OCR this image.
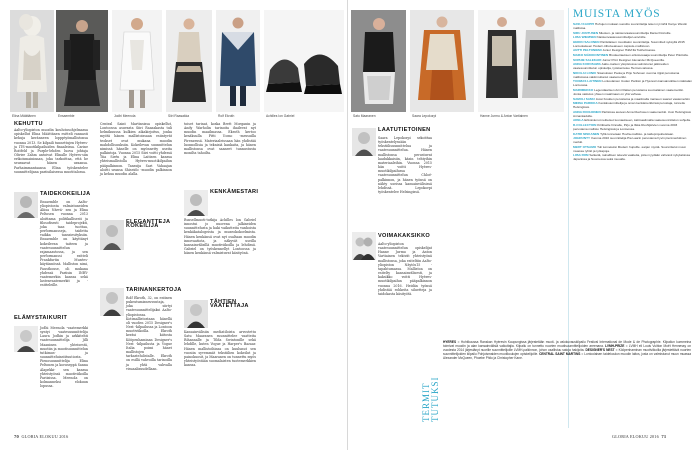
Elina Määttänen	Ensaemble	Jodhi Meenola	Siiri Raasakka	Rolf Ekroth	Achilles Ion Gabriel	Satu Maaranen	Saara Lepokorpi	Hanne Jurmu & Anton Vartiainen
KEHUTTU

Aalto-yliopiston muodin koulutusohjelmassa opiskellut Elina Määttänen esitteli rannasti kehuja keränneen loppptyömallistonsa vuonna 2013. Se kilpaili tunnettujen Hyères- ja ITS-muotikilpailuiden finaaleissa. Carine Roitfeld ja Purple-lehden luova johtaja Olivier Zahm antoivat Elinalle Hyères-siin erikoismaininnan, joka tarkoittaa, että he seuraavat hänen uraansa. Parhaimmantaansa Elina työskentelee suunnittelijana pariisilaisessa muotitalossa.

TAIDEKOKEILIJA

Ensaemble on Aalto-yliopistosta valmistuneiden Aliisa Närvä- sen ja Elina Peltosen vuonna 2013 aloittama politikallisesti ja filosofisesti taideprojekti, joka taas tuottaa, performansseja, taidetta vaikka tanssiesityksiin. Ensaemble on käyttänyt kokeilevan taiteen ja vaatesuunnittelun rajamaastossa, ja sen performanssi esitteli Frankfurtin Musées-käytännössä. Malliston nimi, Fausthouse, oli mukana yhdessä Pariisin INRY-vaatemerkin kanssa sekä lastenvaatemerkit ja -esitteleille.

ELÄMYSTAIKURIT

Jodhi Meenola -vaatemerkki syntyi vaatesuunnittelija Laura Jodhin ja arkkitehti vaatesuunnittelija Jilli Maaninen yhteisestä, muotiin ja muotisuunnittelun tutkimus- ja suunnitteluinstituutiosta. Pienosuunnittelija Elina Peltonen ja koruseppä Sanna Alapekki- sen kanssa yhteistyössä muotiviikoilla Pariisissa. Meenola on kolmanneksi elokuun lopussa.

Central Saint Martinsissa opiskellut, Lontoossa asuvasta Siiri Raasakasta tuli helmikuussa kulkien aikakirjoitus, jonka myötä hänen mallistoissaan esiintyvät teokset ovat mukana muodin mahdollisuuksiin. Kokeilevan suunnittelun nimissä hänelle on myönnetty useita palkintoja. Vuonna 2015 Siiri voitti yhdessä Tiia Sirén ja Elina Laitisen kanssa yhteismallistolla Hyères-muotikilpailun pääpalkinnon. Tanssija Sari Vahaajan aloitti uransa Shiseido -muodin palkinnon ja kehua muodin alalla.

ELEGANTTEJA KOKEILIJA
TARINANKERTOJA

Rolf Ekroth, 32, on entinen pukeutumisneuvontaja, joka siirtyi vaatesuunnittelijaksi Aalto-yliopistossa. Kotimallistostaan hänellä oli vuoden 2015 Designer's Nest -kilpailussa ja Lontoon muotiviikoilla. Ekroth keräsi kiitosta Kööpenhaminan Designer's Nest -kilpailusta ja Vogue Italia poimi hänet mallistojen tarkastelulistalle. Ekroth on esillä vahvoilla tarinoilla ja yhtä vahvalla visuaalisuudellaan.

toiset tarinat, koska Brett Morganin ja Andy Warholin tarinoita ihailevat nyt muodin maailmassa. Ekroth kertoo kesäkuulla Pitti Uomo -messuilla Firenzessä. Materiaaleissaan hän yhdistää luonnollisia ja teknisiä kankaita, ja hänen mallistonsa ovat saaneet tunnustusta monilta tahoilta.

KENKÄMESTARI

Russellmuoti-tutkija Achilles Ion Gabriel innostui jo nuorena jalkineiden suunnittelusta ja haki vaikutteita vanhoista kenkäkatalogeista ja museokokoelmista. Hänen kenkänsä ovat nyt osaltaan muodin innovaatiota, ja näkyvät useilla kansainvälisillä muotiviikoilla ja lehdissä. Gabriel on työskennellyt Lontoossa ja hänen kenkänsä valmistuvat käsityönä.

TÄHTIEN VAATETTAJA

Kansainvälisiin mediatiloista arvostettu Satu Maaranen suunnittelee vaatteita Rihannalle ja Tilda Swintonille sekä lehdille, kuten Vogue ja Harper's Bazaar. Hänen mallistoihinsa on kuulunut sen vuosiin syvemmät tekstiilien kokeilut ja painokuosit, ja Maaranen on tunnettu myös yhteistyöstään suomalaisten tuotemerkkien kanssa.

LAATUTIETOINEN

Saara Lepokorpi sekoittaa työskentelyssään tekstiilisuunnittelua ja vaatesuunnittelua. Hänen mallistonsa perustuvat laadukkaisiin, käsin tehtyihin materiaaleihin. Vuonna 2015 hän voitti Hyères-muotikilpailussa vaatesuunnittelun Chloé-palkinnon, ja hänen työnsä on nähty useissa kansainvälisissä lehdissä. Lepokorpi työskentelee Helsingissä.

VOIMAKAKSIKKO

Aalto-yliopiston vaatesuunnittelun opiskelijat Hanne Jurmu ja Anton Vartiainen tekivät yhteistyönä mallistonsa, joka esiteltiin Aalto-yliopiston Näytös15 -tapahtumassa. Mallistoa on esitelty kansainvälisesti, ja kaksikko voitti Hyères-muotikilpailun pääpalkinnon vuonna 2016. Heidän työnsä yhdistää rohkeita siluetteja ja taidokasta käsityötä.

MUISTA MYÖS
SASU KAUPPI Huhujen mukaan suosittu suunnittelija teken nyt tähti Kanye Westin mallistoa.
SIRU JUNTUNEN Miesten- ja naistenvaatesuunnittelija Daniel Dorioille.
LIISA WIEMSEN Naistenvaatesuunnittelija Lanvinille.
HEIKKI SALONEN Pariisilaisen muotitalon suunnittelija. Suunnitteli syksyllä 2015 Lontoolaiseen Hodern-tilitoiveaiseen capsule-mallistoon.
ANTTI PELTONIEMI Junior Designer H&M:llä Tukholmassa.
MAIKO MÄKIKONTINEN Brodeeriauksen erikoisosaaja suunnittelija Peter Pilottolla.
SOPHIE SALEKARI Junior Print Designer Alexander McQueenilla.
ANNA KUROSAWA Aalto-malson yliopistossa valmistunut jalkineiden vaatesuunnittelun opiskelija, työskentelee Hermès-talossa.
NIKOLAI LONKI Sisaruksien Paola ja Pirjo Suhosen vuonna ripjät perustama mallistossa vakiinnuttanut vaatemerkki.
TUOMAS LAITINEN Lontoolainen Uuden Pariisin ja Hyèresin kansainvälisen näköalan Lontoossa.
MAIRIMEKKO Legendaarisen Armi Ratian perustama suomalainen vaatemerkki. Jonka vaikutus yhteen maailmaan on yhä vahvaa.
SAMULI SAMU Jussi Koskien perustama ja maailmalla maineen saanut vaatemerkki.
MINNA PARIKKA Kenkäsuunnittelija ja oman kenkämerkkinsä perustaja, tunnettu Helsingissä.
ANNA RUOHONEN Pariisissa asuvan Anna Ruohosen vaatemerkki. Uusi Helsingissä Annankadulla.
ARELA Erikoistunut neitteiset tuunaukseen, kalimaailmalla vaatesuunnittelun sohjella.
R-COLLECTION Kriittiselle hinnalle, Pirjo ja Ilkka Ruuhijärvien vuonna 2003 perustama mallisto Helsingissä ja Lontoossa.
KATRI NISKANEN Tyllä tunnetaan Huvila-mallisto- ja taideprojekteistaan.
JOHRUNTY Vuonna 2010 suunnittelija Pia Laarin perustama hyvin pienimerkkinen merkki.
MERT OTSAMO Tuli tunnetuksi Mudern hupullle -sarjan myötä. Suunnittelut muun muassa ryhtiö ja työtapoja.
LIISA RIISI Selkeitä, rainallisen tekeviä vaatteita, joita myydään vahvasti nykytaloissa Japanissa ja Suomessa sekä muualla.
TERMIT TUTUKSI
HYERES = Huhtikuussa Ranskan Hyèresin Kaupungissa järjestetään muoti- ja valokuvauskilpailu Festival International de Mode & de Photographie. Kilpailun kummeina toimivat muodin ja alan kansainvälisiä vaikuttajia. Kilpailu on tunnettu nuorten muotisuunnittelijoiden areenana. LVMH-PRIZE = LVMH eli Louis Vuitton Moët Hennessy on vuodesta 2014 järjestänyt nuorille suunnittelijoille LVMH-palkinnon, johon osallistuu satoja hakijoita. DESIGNER'S NEST = Kööpenhaminan muotiviikoilla järjestettävä nuorten suunnittelijoiden kilpailu Pohjoismaiden muotikoulujen opiskelijoille. CENTRAL SAINT MARTINS = Lontoolaisen taidekoulun muodin laitos, josta on valmistunut muun muassa Alexander McQueen, Phoebe Philo ja Christopher Kane.
70 GLORIA ELOKUU 2016	GLORIA ELOKUU 2016 71
